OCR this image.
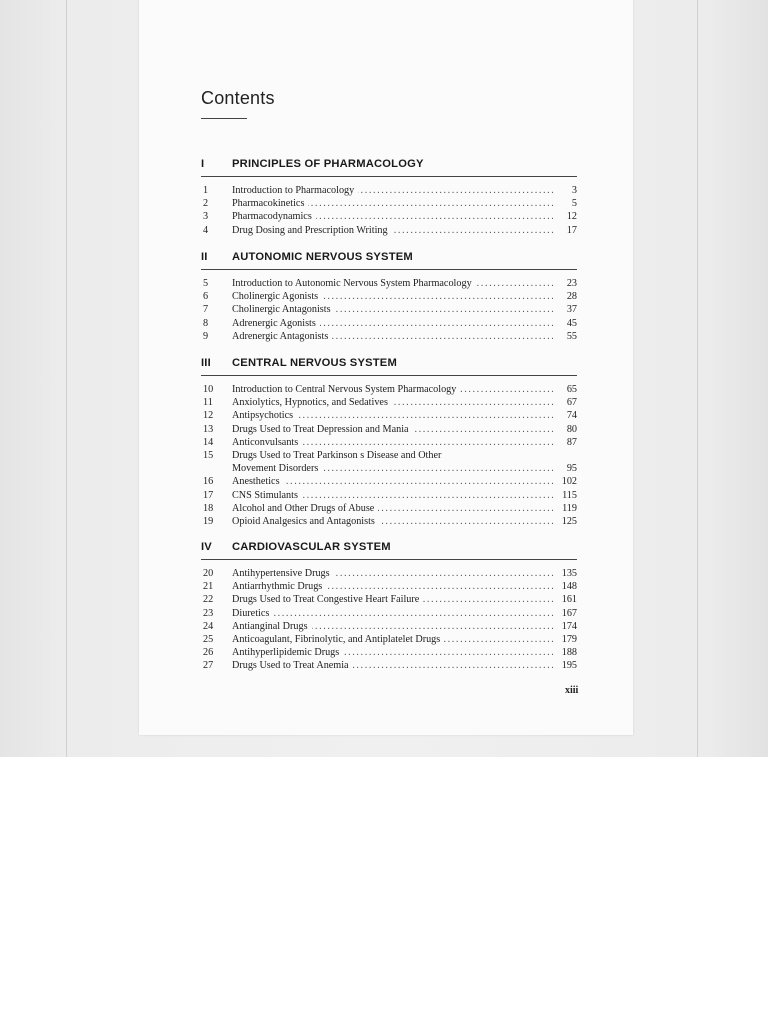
Contents
I PRINCIPLES OF PHARMACOLOGY
1 ..... Introduction to Pharmacology	3
2 ..... Pharmacokinetics	5
3 ..... Pharmacodynamics	12
4 ..... Drug Dosing and Prescription Writing	17
II AUTONOMIC NERVOUS SYSTEM
5 ..... Introduction to Autonomic Nervous System Pharmacology	23
6 ..... Cholinergic Agonists	28
7 ..... Cholinergic Antagonists	37
8 ..... Adrenergic Agonists	45
9 ..... Adrenergic Antagonists	55
III CENTRAL NERVOUS SYSTEM
10 ..... Introduction to Central Nervous System Pharmacology	65
11 ..... Anxiolytics, Hypnotics, and Sedatives	67
12 ..... Antipsychotics	74
13 ..... Drugs Used to Treat Depression and Mania	80
14 ..... Anticonvulsants	87
15 Drugs Used to Treat Parkinson s Disease and Other
.....
Movement Disorders	95
16 ..... Anesthetics	102
17 ..... CNS Stimulants	115
18 ..... Alcohol and Other Drugs of Abuse	119
19 ..... Opioid Analgesics and Antagonists	125
IV CARDIOVASCULAR SYSTEM
20 ..... Antihypertensive Drugs	135
21 ..... Antiarrhythmic Drugs	148
22 ..... Drugs Used to Treat Congestive Heart Failure	161
23 ..... Diuretics	167
24 ..... Antianginal Drugs	174
25 ..... Anticoagulant, Fibrinolytic, and Antiplatelet Drugs	179
26 ..... Antihyperlipidemic Drugs	188
27 ..... Drugs Used to Treat Anemia	195
xiii
